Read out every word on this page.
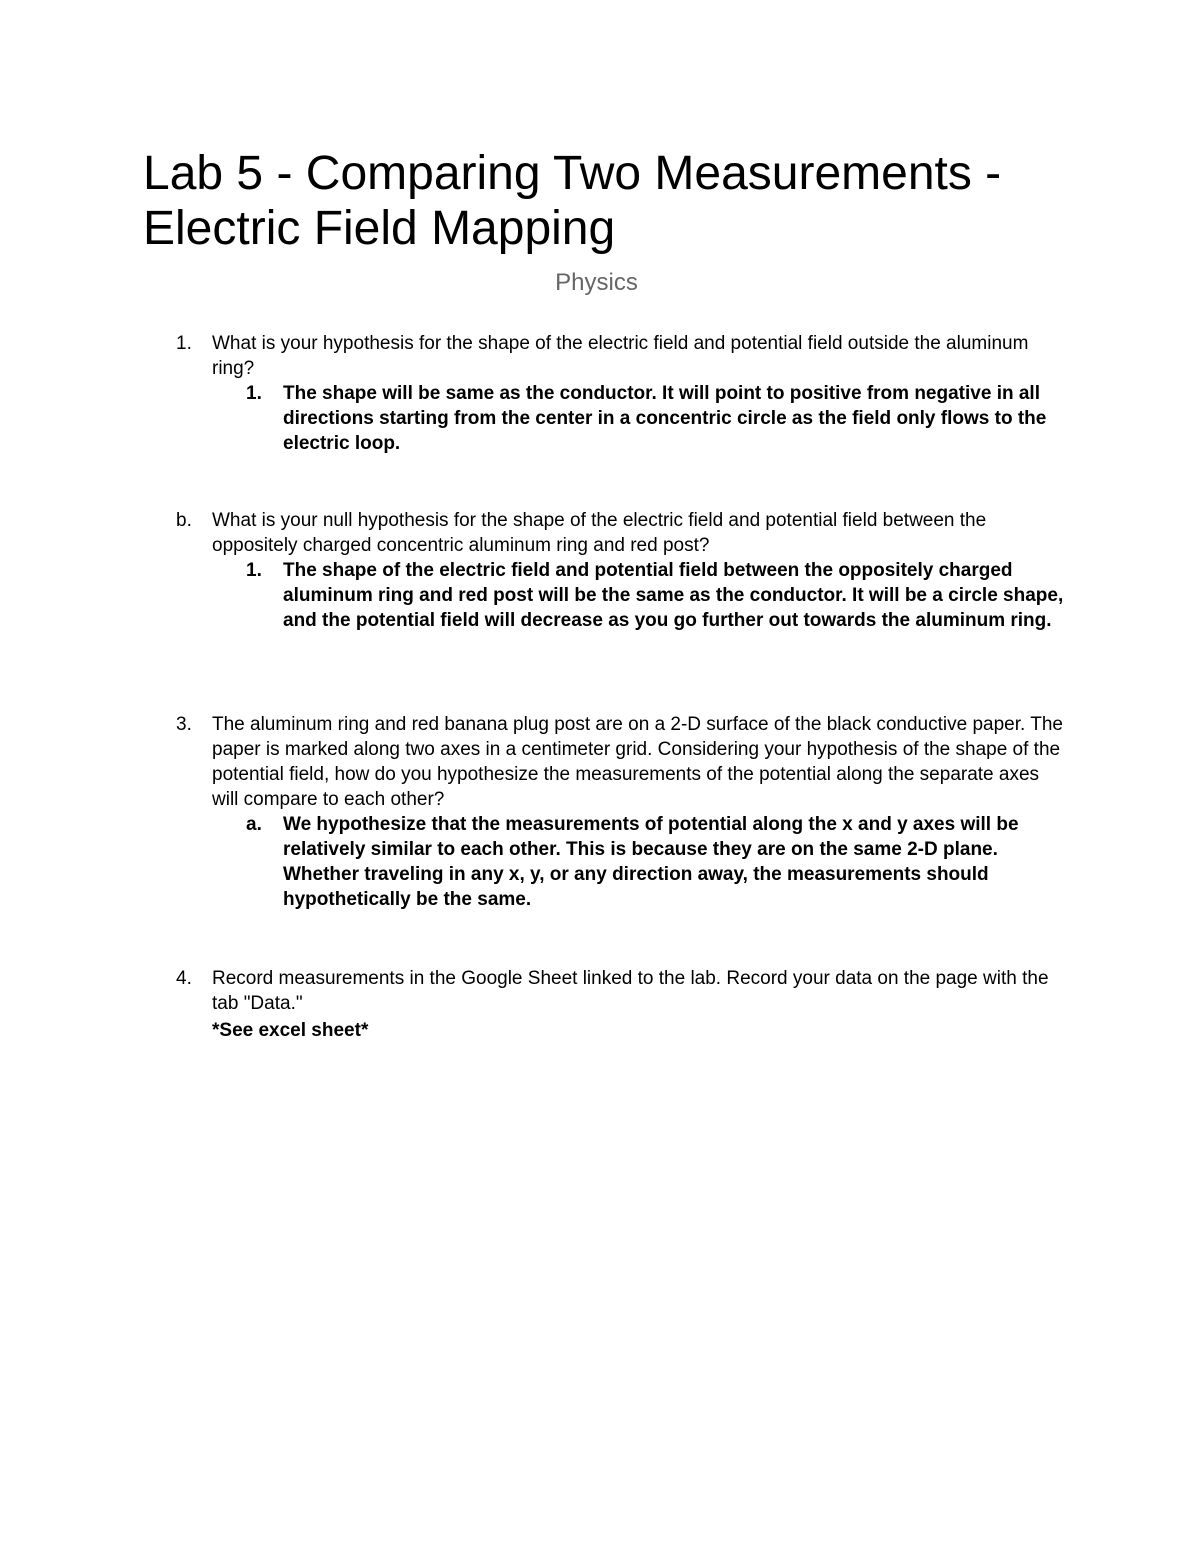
Lab 5 - Comparing Two Measurements - Electric Field Mapping
Physics
1.	What is your hypothesis for the shape of the electric field and potential field outside the aluminum ring?
1.	The shape will be same as the conductor. It will point to positive from negative in all directions starting from the center in a concentric circle as the field only flows to the electric loop.
b.	What is your null hypothesis for the shape of the electric field and potential field between the oppositely charged concentric aluminum ring and red post?
1.	The shape of the electric field and potential field between the oppositely charged aluminum ring and red post will be the same as the conductor. It will be a circle shape, and the potential field will decrease as you go further out towards the aluminum ring.
3.	The aluminum ring and red banana plug post are on a 2-D surface of the black conductive paper. The paper is marked along two axes in a centimeter grid. Considering your hypothesis of the shape of the potential field, how do you hypothesize the measurements of the potential along the separate axes will compare to each other?
a.	We hypothesize that the measurements of potential along the x and y axes will be relatively similar to each other. This is because they are on the same 2-D plane. Whether traveling in any x, y, or any direction away, the measurements should hypothetically be the same.
4.	Record measurements in the Google Sheet linked to the lab. Record your data on the page with the tab "Data."
*See excel sheet*
